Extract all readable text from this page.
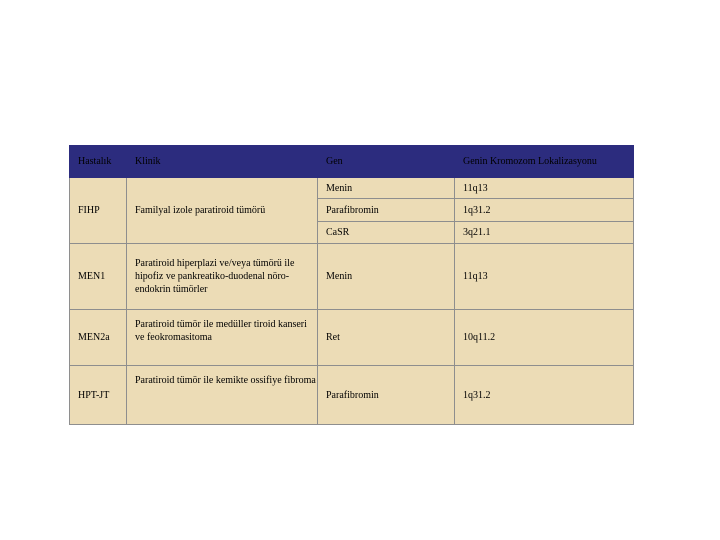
Hastalık	Klinik	Gen	Genin Kromozom Lokalizasyonu
FIHP	Familyal izole paratiroid tümörü	Menin	11q13
		Parafibromin	1q31.2
		CaSR	3q21.1
MEN1	Paratiroid hiperplazi ve/veya tümörü ile hipofiz ve pankreatiko-duodenal nöro-endokrin tümörler	Menin	11q13
MEN2a	Paratiroid tümör ile medüller tiroid kanseri ve feokromasitoma	Ret	10q11.2
HPT-JT	Paratiroid tümör ile kemikte ossifiye fibroma	Parafibromin	1q31.2
